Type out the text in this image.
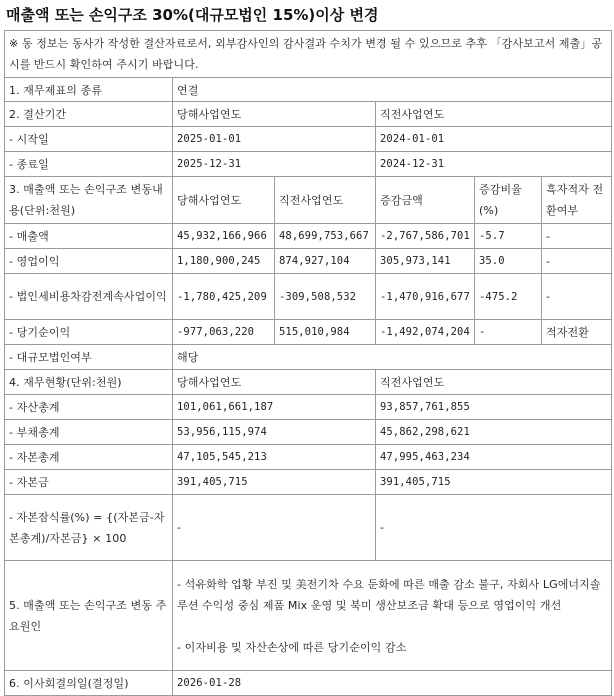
매출액 또는 손익구조 30%(대규모법인 15%)이상 변경
※ 동 정보는 동사가 작성한 결산자료로서, 외부감사인의 감사결과 수치가 변경 될 수 있으므로 추후 「감사보고서 제출」공시를 반드시 확인하여 주시기 바랍니다.					
1. 재무제표의 종류	연결				
2. 결산기간	당해사업연도		직전사업연도		
- 시작일	2025-01-01		2024-01-01		
- 종료일	2025-12-31		2024-12-31		
3. 매출액 또는 손익구조 변동내용(단위:천원)	당해사업연도	직전사업연도	증감금액	증감비율 (%)	흑자적자 전환여부
- 매출액	45,932,166,966	48,699,753,667	-2,767,586,701	-5.7	-
- 영업이익	1,180,900,245	874,927,104	305,973,141	35.0	-
- 법인세비용차감전계속사업이익	-1,780,425,209	-309,508,532	-1,470,916,677	-475.2	-
- 당기순이익	-977,063,220	515,010,984	-1,492,074,204	-	적자전환
- 대규모법인여부	해당				
4. 재무현황(단위:천원)	당해사업연도		직전사업연도		
- 자산총계	101,061,661,187		93,857,761,855		
- 부채총계	53,956,115,974		45,862,298,621		
- 자본총계	47,105,545,213		47,995,463,234		
- 자본금	391,405,715		391,405,715		
- 자본잠식률(%) = {(자본금-자본총계)/자본금} × 100	-		-		
5. 매출액 또는 손익구조 변동 주요원인	- 석유화학 업황 부진 및 美전기차 수요 둔화에 따른 매출 감소 불구, 자회사 LG에너지솔루션 수익성 중심 제품 Mix 운영 및 북미 생산보조금 확대 등으로 영업이익 개선
- 이자비용 및 자산손상에 따른 당기순이익 감소				

6. 이사회결의일(결정일)	2026-01-28				
